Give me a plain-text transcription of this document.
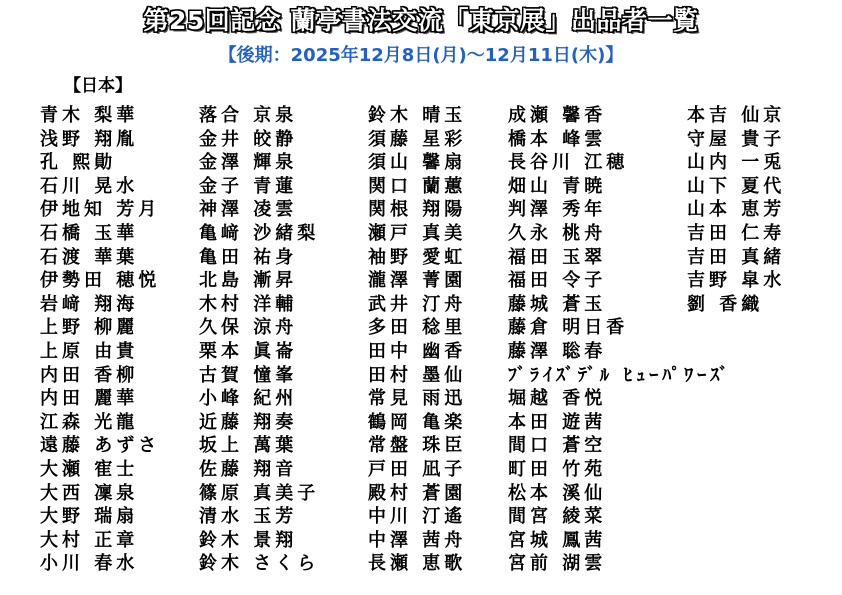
第25回記念 蘭亭書法交流「東京展」出品者一覧
【後期：2025年12月8日(月)～12月11日(木)】
【日本】
青木 梨華
浅野 翔胤
孔 熙勛
石川 晃水
伊地知 芳月
石橋 玉華
石渡 華葉
伊勢田 穂悦
岩﨑 翔海
上野 柳麗
上原 由貴
内田 香柳
内田 麗華
江森 光龍
遠藤 あずさ
大瀬 寉士
大西 凜泉
大野 瑞扇
大村 正章
小川 春水
落合 京泉
金井 皎静
金澤 輝泉
金子 青蓮
神澤 凌雲
亀﨑 沙緒梨
亀田 祐身
北島 漸昇
木村 洋輔
久保 涼舟
栗本 眞崙
古賀 憧峯
小峰 紀州
近藤 翔奏
坂上 萬葉
佐藤 翔音
篠原 真美子
清水 玉芳
鈴木 景翔
鈴木 さくら
鈴木 晴玉
須藤 星彩
須山 馨扇
関口 蘭蕙
関根 翔陽
瀬戸 真美
袖野 愛虹
瀧澤 菁園
武井 汀舟
多田 稔里
田中 幽香
田村 墨仙
常見 雨迅
鶴岡 亀楽
常盤 珠臣
戸田 凪子
殿村 蒼園
中川 汀遙
中澤 茜舟
長瀬 恵歌
成瀬 馨香
橋本 峰雲
長谷川 江穂
畑山 青暁
判澤 秀年
久永 桃舟
福田 玉翠
福田 令子
藤城 蒼玉
藤倉 明日香
藤澤 聡春
ﾌﾞﾗｲｽﾞﾃﾞﾙ ﾋｭｰﾊﾟﾜｰｽﾞ
堀越 香悦
本田 遊茜
間口 蒼空
町田 竹苑
松本 溪仙
間宮 綾菜
宮城 鳳茜
宮前 湖雲
本吉 仙京
守屋 貴子
山内 一兎
山下 夏代
山本 恵芳
吉田 仁寿
吉田 真緒
吉野 皐水
劉 香織
